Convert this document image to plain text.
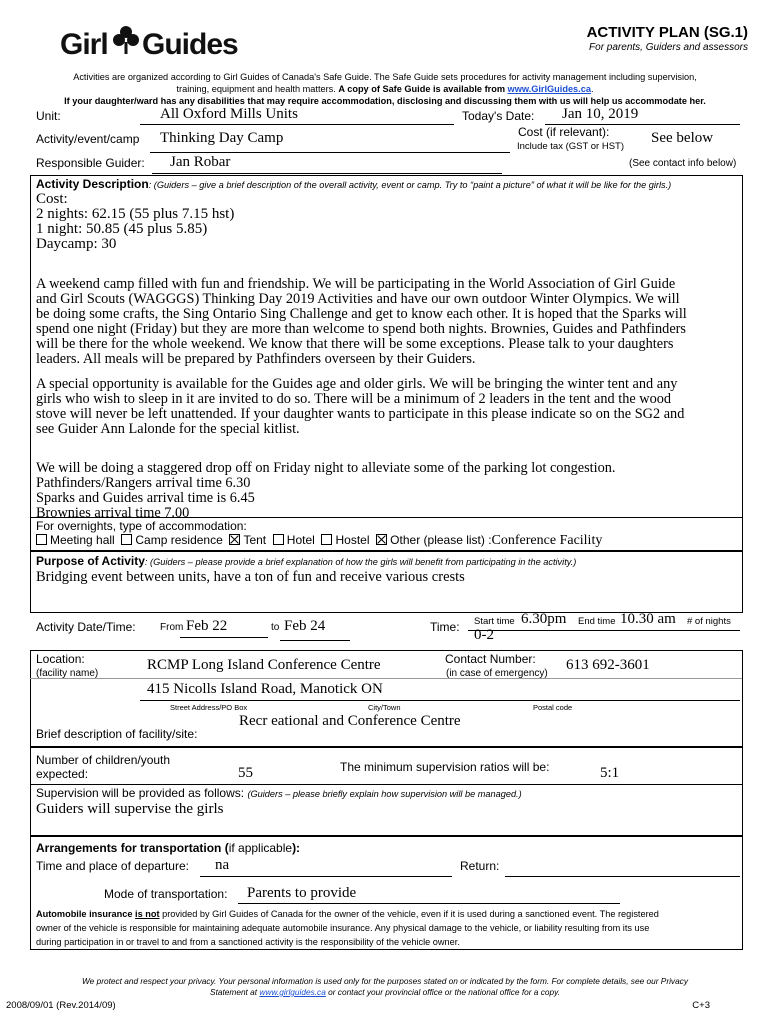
Girl Guides	ACTIVITY PLAN (SG.1)
For parents, Guiders and assessors
Activities are organized according to Girl Guides of Canada's Safe Guide. The Safe Guide sets procedures for activity management including supervision,
training, equipment and health matters. A copy of Safe Guide is available from www.GirlGuides.ca.
If your daughter/ward has any disabilities that may require accommodation, disclosing and discussing them with us will help us accommodate her.
Unit:	All Oxford Mills Units	Today's Date: Jan 10, 2019
Activity/event/camp Thinking Day Camp	Cost (if relevant):
Include tax (GST or HST)
See below
Responsible Guider: Jan Robar	(See contact info below)
Activity Description: (Guiders – give a brief description of the overall activity, event or camp. Try to “paint a picture” of what it will be like for the girls.)
Cost:
2 nights: 62.15 (55 plus 7.15 hst)
1 night: 50.85 (45 plus 5.85)
Daycamp: 30
A weekend camp filled with fun and friendship. We will be participating in the World Association of Girl Guide
and Girl Scouts (WAGGGS) Thinking Day 2019 Activities and have our own outdoor Winter Olympics. We will
be doing some crafts, the Sing Ontario Sing Challenge and get to know each other. It is hoped that the Sparks will
spend one night (Friday) but they are more than welcome to spend both nights. Brownies, Guides and Pathfinders
will be there for the whole weekend. We know that there will be some exceptions. Please talk to your daughters
leaders. All meals will be prepared by Pathfinders overseen by their Guiders.
A special opportunity is available for the Guides age and older girls. We will be bringing the winter tent and any
girls who wish to sleep in it are invited to do so. There will be a minimum of 2 leaders in the tent and the wood
stove will never be left unattended. If your daughter wants to participate in this please indicate so on the SG2 and
see Guider Ann Lalonde for the special kitlist.
We will be doing a staggered drop off on Friday night to alleviate some of the parking lot congestion.
Pathfinders/Rangers arrival time 6.30
Sparks and Guides arrival time is 6.45
Brownies arrival time 7.00
For overnights, type of accommodation:
Meeting hall Camp residence Tent Hotel Hostel Other (please list) :Conference Facility
Purpose of Activity: (Guiders – please provide a brief explanation of how the girls will benefit from participating in the activity.)
Bridging event between units, have a ton of fun and receive various crests
Activity Date/Time: From Feb 22	to Feb 24	Time: Start time 6.30pm End time 10.30 am # of nights
0-2
Location:
(facility name)
RCMP Long Island Conference Centre	Contact Number:
(in case of emergency)
613 692-3601
415 Nicolls Island Road, Manotick ON
Street Address/PO Box	City/Town	Postal code
Recr eational and Conference Centre
Brief description of facility/site:
Number of children/youth
expected:	55	The minimum supervision ratios will be:	5:1
Supervision will be provided as follows: (Guiders – please briefly explain how supervision will be managed.)
Guiders will supervise the girls
Arrangements for transportation (if applicable):
Time and place of departure: na	Return:
Mode of transportation: Parents to provide
Automobile insurance is not provided by Girl Guides of Canada for the owner of the vehicle, even if it is used during a sanctioned event. The registered
owner of the vehicle is responsible for maintaining adequate automobile insurance. Any physical damage to the vehicle, or liability resulting from its use
during participation in or travel to and from a sanctioned activity is the responsibility of the vehicle owner.
We protect and respect your privacy. Your personal information is used only for the purposes stated on or indicated by the form. For complete details, see our Privacy
Statement at www.girlguides.ca or contact your provincial office or the national office for a copy.
2008/09/01 (Rev.2014/09)	C+3
